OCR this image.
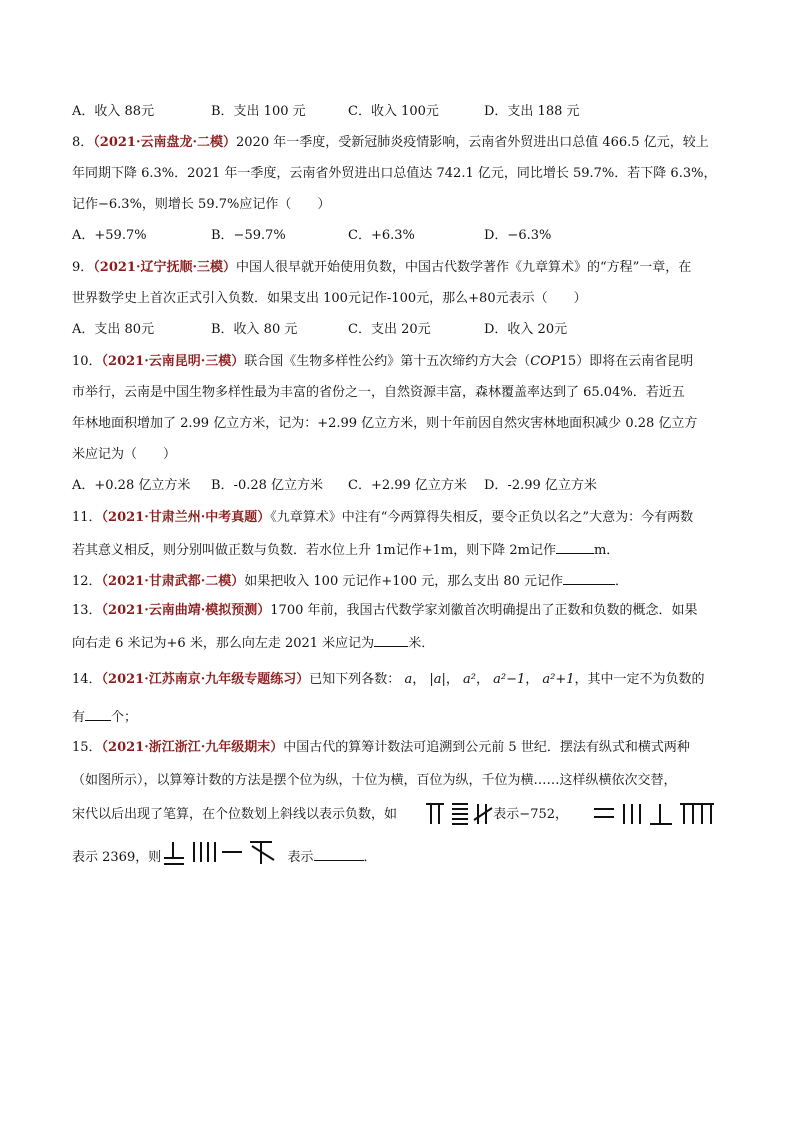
A．收入 88元	B．支出 100 元	C．收入 100元	D．支出 188 元
8．（2021·云南盘龙·二模）2020 年一季度，受新冠肺炎疫情影响，云南省外贸进出口总值 466.5 亿元，较上
年同期下降 6.3%．2021 年一季度，云南省外贸进出口总值达 742.1 亿元，同比增长 59.7%．若下降 6.3%，
记作−6.3%，则增长 59.7%应记作（　　）
A．+59.7%	B．−59.7%	C．+6.3%	D．−6.3%
9．（2021·辽宁抚顺·三模）中国人很早就开始使用负数，中国古代数学著作《九章算术》的“方程”一章，在
世界数学史上首次正式引入负数．如果支出 100元记作-100元，那么+80元表示（　　）
A．支出 80元	B．收入 80 元	C．支出 20元	D．收入 20元
10．（2021·云南昆明·三模）联合国《生物多样性公约》第十五次缔约方大会（COP15）即将在云南省昆明
市举行，云南是中国生物多样性最为丰富的省份之一，自然资源丰富，森林覆盖率达到了 65.04%．若近五
年林地面积增加了 2.99 亿立方米，记为：+2.99 亿立方米，则十年前因自然灾害林地面积减少 0.28 亿立方
米应记为（　　）
A．+0.28 亿立方米 B．-0.28 亿立方米 C．+2.99 亿立方米 D．-2.99 亿立方米
11．（2021·甘肃兰州·中考真题）《九章算术》中注有“今两算得失相反，要令正负以名之”大意为：今有两数
若其意义相反，则分别叫做正数与负数．若水位上升 1m记作+1m，则下降 2m记作	m．
12．（2021·甘肃武都·二模）如果把收入 100 元记作+100 元，那么支出 80 元记作	．
13．（2021·云南曲靖·模拟预测）1700 年前，我国古代数学家刘徽首次明确提出了正数和负数的概念．如果
向右走 6 米记为+6 米，那么向左走 2021 米应记为	米．
14．（2021·江苏南京·九年级专题练习）已知下列各数： a， |a|， a²， a²−1， a²+1，其中一定不为负数的
有 个；
15．（2021·浙江浙江·九年级期末）中国古代的算筹计数法可追溯到公元前 5 世纪．摆法有纵式和横式两种
（如图所示），以算筹计数的方法是摆个位为纵，十位为横，百位为纵，千位为横……这样纵横依次交替，
宋代以后出现了笔算，在个位数划上斜线以表示负数，如	表示−752，
表示 2369，则	表示	．
